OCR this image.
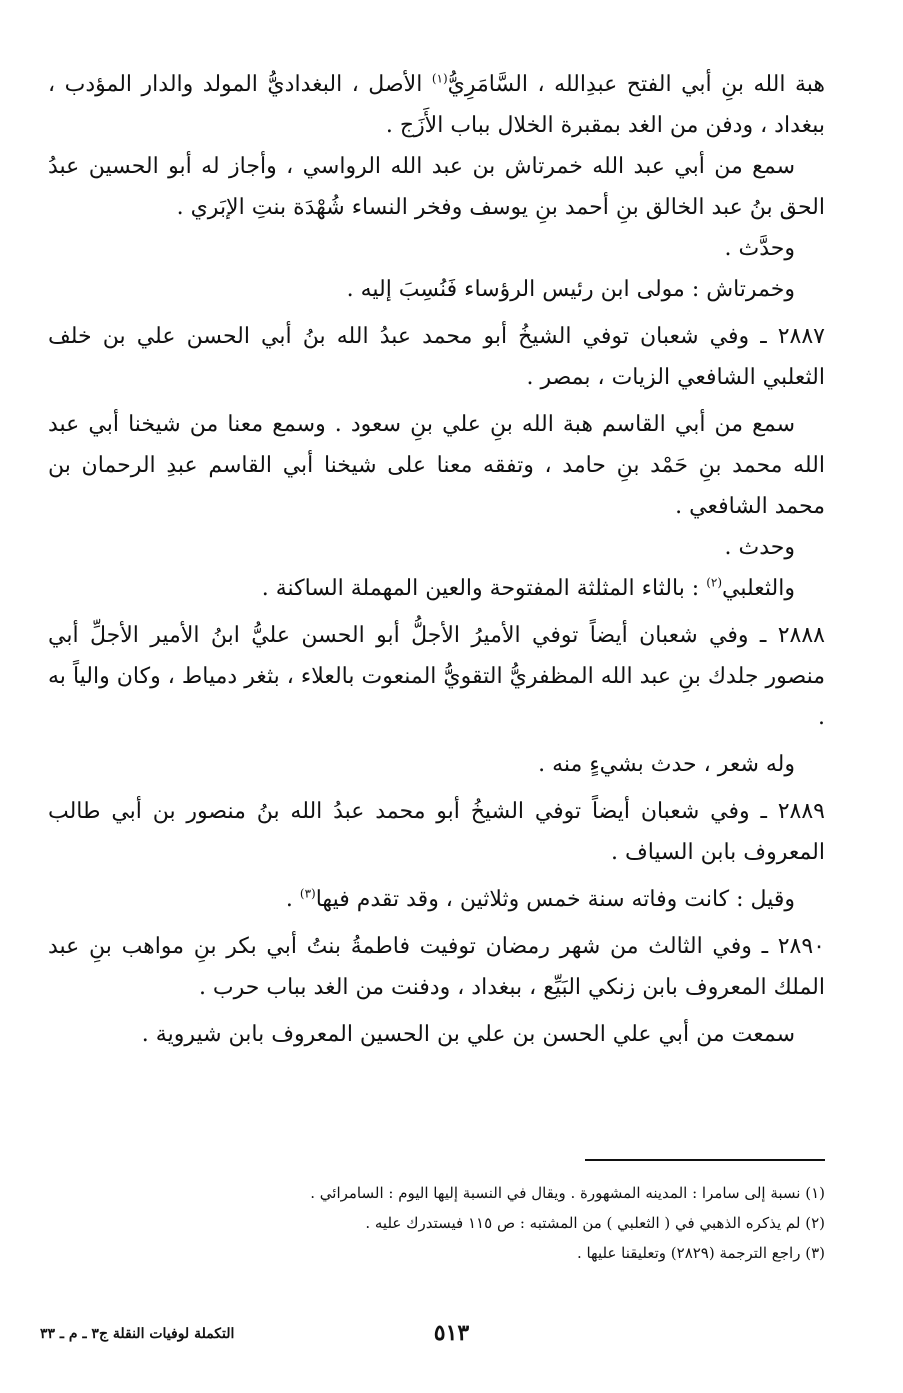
هبة الله بنِ أبي الفتح عبدِالله ، السَّامَرِيُّ$^{(١)}$ الأصل ، البغداديُّ المولد والدار المؤدب ، ببغداد ، ودفن من الغد بمقبرة الخلال بباب الأَزَج .

سمع من أبي عبد الله خمرتاش بن عبد الله الرواسي ، وأجاز له أبو الحسين عبدُ الحق بنُ عبد الخالق بنِ أحمد بنِ يوسف وفخر النساء شُهْدَة بنتِ الإبَري .

وحدَّث .

وخمرتاش : مولى ابن رئيس الرؤساء فَنُسِبَ إليه .

٢٨٨٧ ـ وفي شعبان توفي الشيخُ أبو محمد عبدُ الله بنُ أبي الحسن علي بن خلف الثعلبي الشافعي الزيات ، بمصر .

سمع من أبي القاسم هبة الله بنِ علي بنِ سعود . وسمع معنا من شيخنا أبي عبد الله محمد بنِ حَمْد بنِ حامد ، وتفقه معنا على شيخنا أبي القاسم عبدِ الرحمان بن محمد الشافعي .

وحدث .

والثعلبي$^{(٢)}$ : بالثاء المثلثة المفتوحة والعين المهملة الساكنة .

٢٨٨٨ ـ وفي شعبان أيضاً توفي الأميرُ الأجلُّ أبو الحسن عليُّ ابنُ الأمير الأجلِّ أبي منصور جلدك بنِ عبد الله المظفريُّ التقويُّ المنعوت بالعلاء ، بثغر دمياط ، وكان والياً به .

وله شعر ، حدث بشيءٍ منه .

٢٨٨٩ ـ وفي شعبان أيضاً توفي الشيخُ أبو محمد عبدُ الله بنُ منصور بن أبي طالب المعروف بابن السياف .

وقيل : كانت وفاته سنة خمس وثلاثين ، وقد تقدم فيها$^{(٣)}$ .

٢٨٩٠ ـ وفي الثالث من شهر رمضان توفيت فاطمةُ بنتُ أبي بكر بنِ مواهب بنِ عبد الملك المعروف بابن زنكي البَيِّع ، ببغداد ، ودفنت من الغد بباب حرب .

سمعت من أبي علي الحسن بن علي بن الحسين المعروف بابن شيروية .

(١) نسبة إلى سامرا : المدينه المشهورة . ويقال في النسبة إليها اليوم : السامرائي .

(٢) لم يذكره الذهبي في ( الثعلبي ) من المشتبه : ص ١١٥ فيستدرك عليه .

(٣) راجع الترجمة (٢٨٢٩) وتعليقنا عليها .

٥١٣
التكملة لوفيات النقلة ج٣ ـ م ـ ٣٣
